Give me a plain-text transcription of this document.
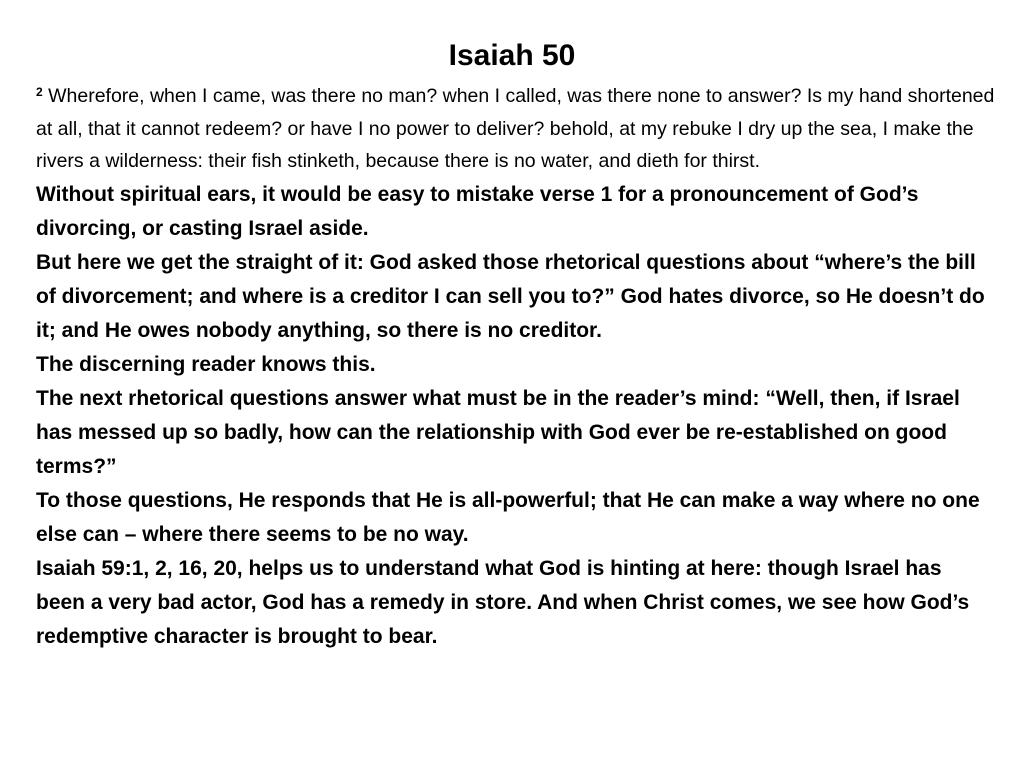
Isaiah 50

$^2$ Wherefore, when I came, was there no man? when I called, was there none to answer? Is my hand shortened at all, that it cannot redeem? or have I no power to deliver? behold, at my rebuke I dry up the sea, I make the rivers a wilderness: their fish stinketh, because there is no water, and dieth for thirst.

Without spiritual ears, it would be easy to mistake verse 1 for a pronouncement of God’s divorcing, or casting Israel aside.

But here we get the straight of it: God asked those rhetorical questions about “where’s the bill of divorcement; and where is a creditor I can sell you to?” God hates divorce, so He doesn’t do it; and He owes nobody anything, so there is no creditor.

The discerning reader knows this.

The next rhetorical questions answer what must be in the reader’s mind: “Well, then, if Israel has messed up so badly, how can the relationship with God ever be re-established on good terms?”

To those questions, He responds that He is all-powerful; that He can make a way where no one else can – where there seems to be no way.

Isaiah 59:1, 2, 16, 20, helps us to understand what God is hinting at here: though Israel has been a very bad actor, God has a remedy in store. And when Christ comes, we see how God’s redemptive character is brought to bear.
